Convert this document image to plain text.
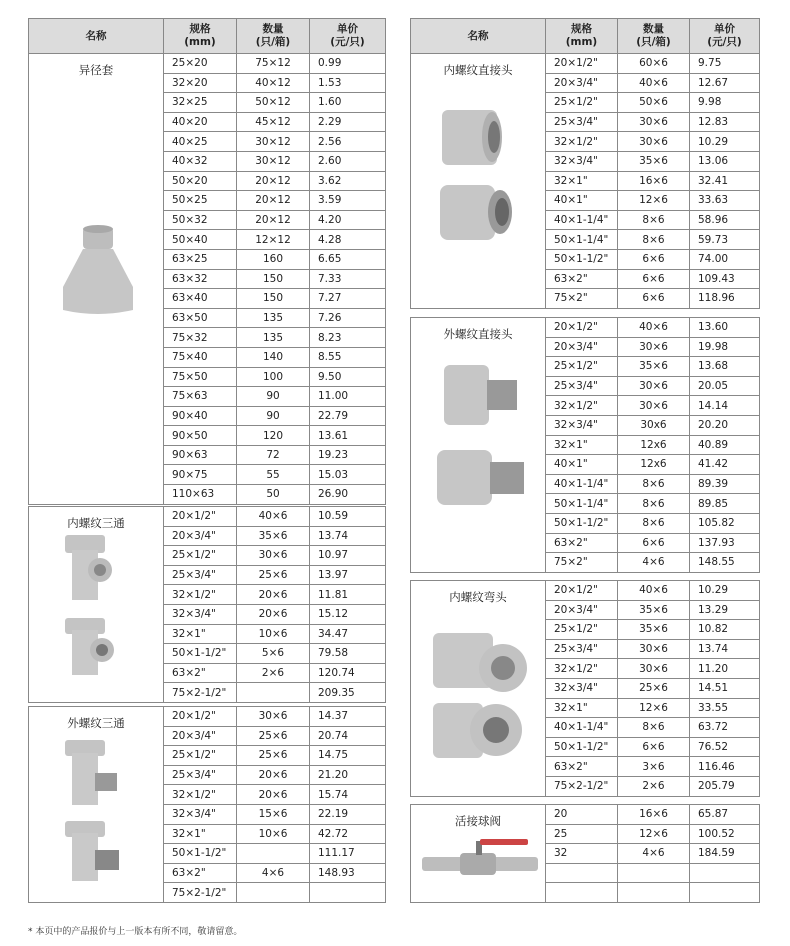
名称	规格
(mm)	数量
(只/箱)	单价
(元/只)
异径套	25×20	75×12	0.99
	32×20	40×12	1.53
	32×25	50×12	1.60
	40×20	45×12	2.29
	40×25	30×12	2.56
	40×32	30×12	2.60
	50×20	20×12	3.62
	50×25	20×12	3.59
	50×32	20×12	4.20
	50×40	12×12	4.28
	63×25	160	6.65
	63×32	150	7.33
	63×40	150	7.27
	63×50	135	7.26
	75×32	135	8.23
	75×40	140	8.55
	75×50	100	9.50
	75×63	90	11.00
	90×40	90	22.79
	90×50	120	13.61
	90×63	72	19.23
	90×75	55	15.03
	110×63	50	26.90
内螺纹三通	20×1/2"	40×6	10.59
	20×3/4"	35×6	13.74
	25×1/2"	30×6	10.97
	25×3/4"	25×6	13.97
	32×1/2"	20×6	11.81
	32×3/4"	20×6	15.12
	32×1"	10×6	34.47
	50×1-1/2"	5×6	79.58
	63×2"	2×6	120.74
	75×2-1/2"		209.35
外螺纹三通	20×1/2"	30×6	14.37
	20×3/4"	25×6	20.74
	25×1/2"	25×6	14.75
	25×3/4"	20×6	21.20
	32×1/2"	20×6	15.74
	32×3/4"	15×6	22.19
	32×1"	10×6	42.72
	50×1-1/2"		111.17
	63×2"	4×6	148.93
	75×2-1/2"		
名称	规格
(mm)	数量
(只/箱)	单价
(元/只)
内螺纹直接头	20×1/2"	60×6	9.75
	20×3/4"	40×6	12.67
	25×1/2"	50×6	9.98
	25×3/4"	30×6	12.83
	32×1/2"	30×6	10.29
	32×3/4"	35×6	13.06
	32×1"	16×6	32.41
	40×1"	12×6	33.63
	40×1-1/4"	8×6	58.96
	50×1-1/4"	8×6	59.73
	50×1-1/2"	6×6	74.00
	63×2"	6×6	109.43
	75×2"	6×6	118.96
外螺纹直接头	20×1/2"	40×6	13.60
	20×3/4"	30×6	19.98
	25×1/2"	35×6	13.68
	25×3/4"	30×6	20.05
	32×1/2"	30×6	14.14
	32×3/4"	30x6	20.20
	32×1"	12x6	40.89
	40×1"	12x6	41.42
	40×1-1/4"	8×6	89.39
	50×1-1/4"	8×6	89.85
	50×1-1/2"	8×6	105.82
	63×2"	6×6	137.93
	75×2"	4×6	148.55
内螺纹弯头	20×1/2"	40×6	10.29
	20×3/4"	35×6	13.29
	25×1/2"	35×6	10.82
	25×3/4"	30×6	13.74
	32×1/2"	30×6	11.20
	32×3/4"	25×6	14.51
	32×1"	12×6	33.55
	40×1-1/4"	8×6	63.72
	50×1-1/2"	6×6	76.52
	63×2"	3×6	116.46
	75×2-1/2"	2×6	205.79
活接球阀	20	16×6	65.87
	25	12×6	100.52
	32	4×6	184.59

* 本页中的产品报价与上一版本有所不同，敬请留意。
